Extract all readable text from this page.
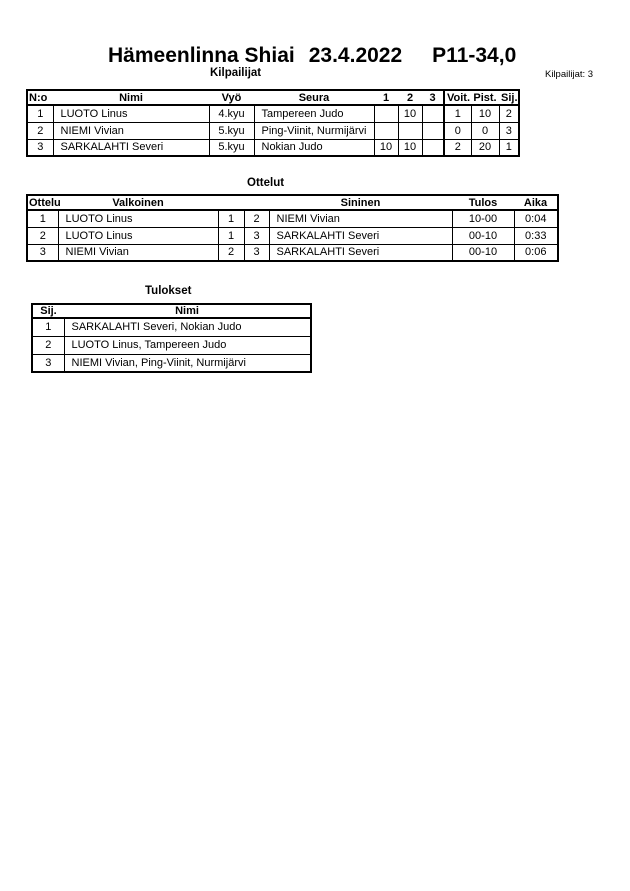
Hämeenlinna Shiai 23.4.2022 P11-34,0
Kilpailijat	Kilpailijat: 3
N:o	Nimi	Vyö	Seura	1	2	3	Voit.	Pist.	Sij.
1	LUOTO Linus	4.kyu	Tampereen Judo		10		1	10	2
2	NIEMI Vivian	5.kyu	Ping-Viinit, Nurmijärvi				0	0	3
3	SARKALAHTI Severi	5.kyu	Nokian Judo	10	10		2	20	1
Ottelut
Ottelu	Valkoinen			Sininen	Tulos	Aika
1	LUOTO Linus	1	2	NIEMI Vivian	10-00	0:04
2	LUOTO Linus	1	3	SARKALAHTI Severi	00-10	0:33
3	NIEMI Vivian	2	3	SARKALAHTI Severi	00-10	0:06
Tulokset
Sij.	Nimi
1	SARKALAHTI Severi, Nokian Judo
2	LUOTO Linus, Tampereen Judo
3	NIEMI Vivian, Ping-Viinit, Nurmijärvi
